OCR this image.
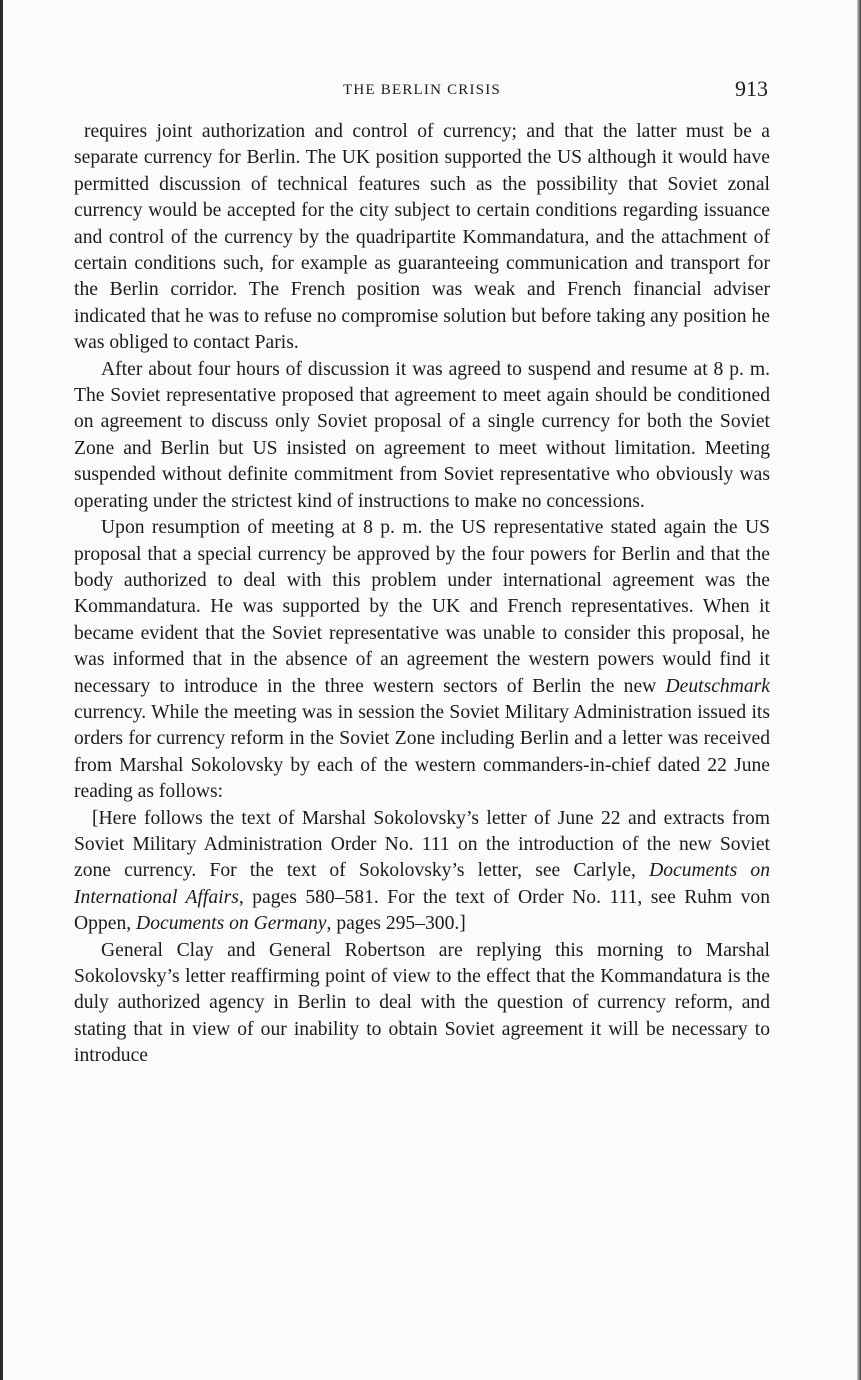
THE BERLIN CRISIS	913

requires joint authorization and control of currency; and that the latter must be a separate currency for Berlin. The UK position supported the US although it would have permitted discussion of technical features such as the possibility that Soviet zonal currency would be accepted for the city subject to certain conditions regarding issuance and control of the currency by the quadripartite Kommandatura, and the attachment of certain conditions such, for example as guaranteeing communication and transport for the Berlin corridor. The French position was weak and French financial adviser indicated that he was to refuse no compromise solution but before taking any position he was obliged to contact Paris.

After about four hours of discussion it was agreed to suspend and resume at 8 p. m. The Soviet representative proposed that agreement to meet again should be conditioned on agreement to discuss only Soviet proposal of a single currency for both the Soviet Zone and Berlin but US insisted on agreement to meet without limitation. Meeting suspended without definite commitment from Soviet representative who obviously was operating under the strictest kind of instructions to make no concessions.

Upon resumption of meeting at 8 p. m. the US representative stated again the US proposal that a special currency be approved by the four powers for Berlin and that the body authorized to deal with this problem under international agreement was the Kommandatura. He was supported by the UK and French representatives. When it became evident that the Soviet representative was unable to consider this proposal, he was informed that in the absence of an agreement the western powers would find it necessary to introduce in the three western sectors of Berlin the new Deutschmark currency. While the meeting was in session the Soviet Military Administration issued its orders for currency reform in the Soviet Zone including Berlin and a letter was received from Marshal Sokolovsky by each of the western commanders-in-chief dated 22 June reading as follows:

[Here follows the text of Marshal Sokolovsky’s letter of June 22 and extracts from Soviet Military Administration Order No. 111 on the introduction of the new Soviet zone currency. For the text of Sokolovsky’s letter, see Carlyle, Documents on International Affairs, pages 580–581. For the text of Order No. 111, see Ruhm von Oppen, Documents on Germany, pages 295–300.]

General Clay and General Robertson are replying this morning to Marshal Sokolovsky’s letter reaffirming point of view to the effect that the Kommandatura is the duly authorized agency in Berlin to deal with the question of currency reform, and stating that in view of our inability to obtain Soviet agreement it will be necessary to introduce
